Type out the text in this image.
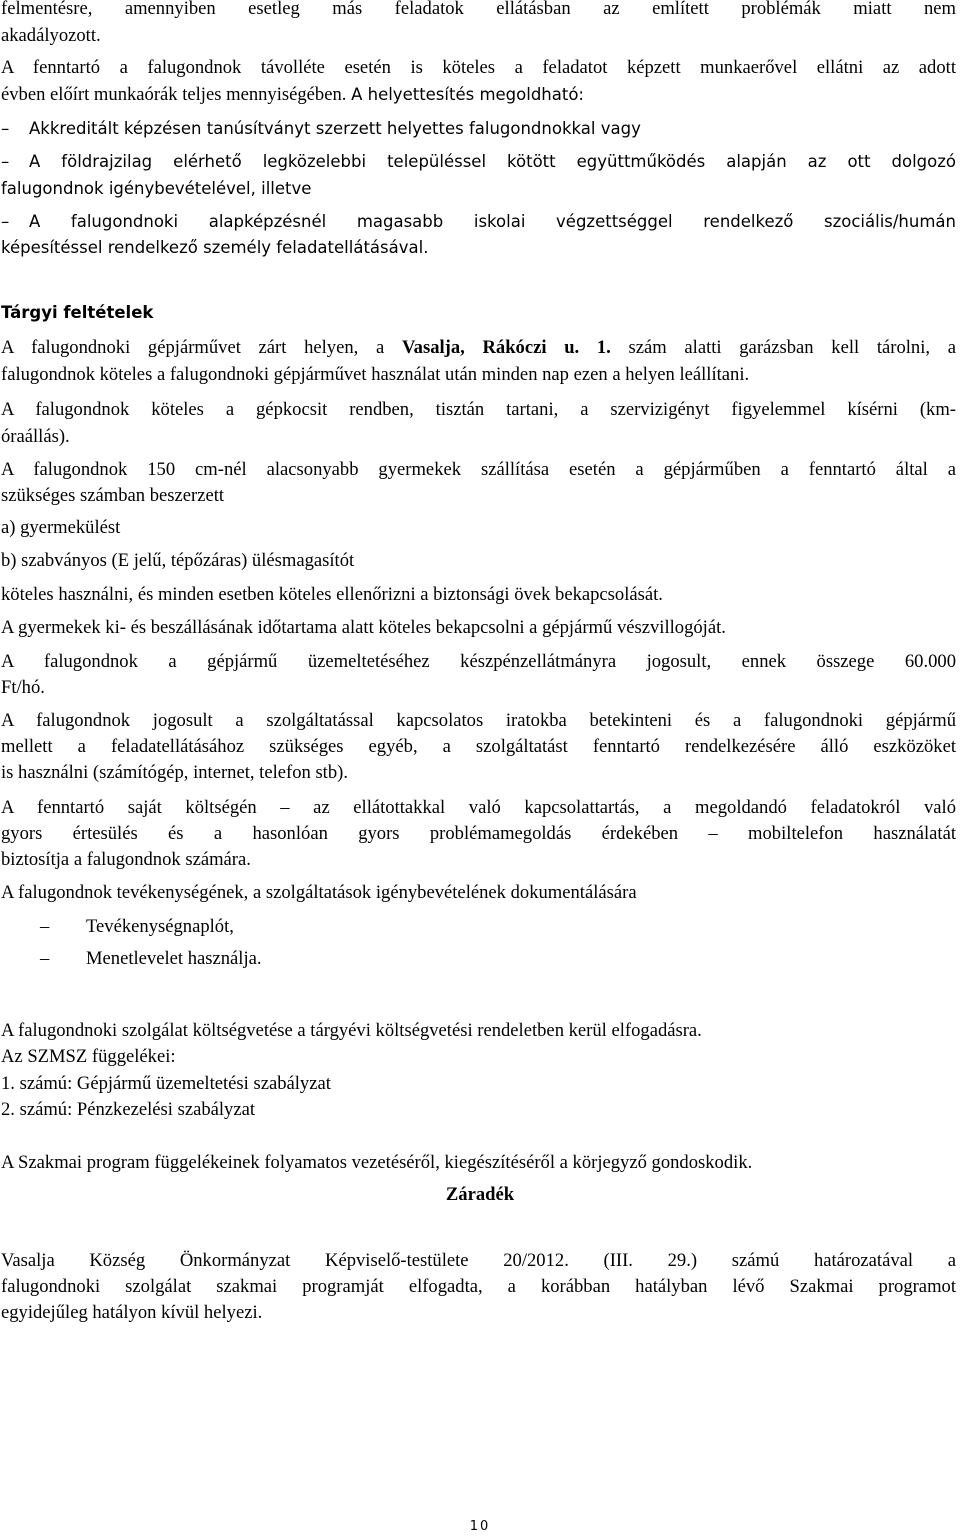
felmentésre, amennyiben esetleg más feladatok ellátásban az említett problémák miatt nem
akadályozott.
A fenntartó a falugondnok távolléte esetén is köteles a feladatot képzett munkaerővel ellátni az adott
évben előírt munkaórák teljes mennyiségében. A helyettesítés megoldható:
– Akkreditált képzésen tanúsítványt szerzett helyettes falugondnokkal vagy
– A földrajzilag elérhető legközelebbi településsel kötött együttműködés alapján az ott dolgozó
falugondnok igénybevételével, illetve
– A falugondnoki alapképzésnél magasabb iskolai végzettséggel rendelkező szociális/humán
képesítéssel rendelkező személy feladatellátásával.
Tárgyi feltételek
A falugondnoki gépjárművet zárt helyen, a Vasalja, Rákóczi u. 1. szám alatti garázsban kell tárolni, a
falugondnok köteles a falugondnoki gépjárművet használat után minden nap ezen a helyen leállítani.
A falugondnok köteles a gépkocsit rendben, tisztán tartani, a szervizigényt figyelemmel kísérni (km-
óraállás).
A falugondnok 150 cm-nél alacsonyabb gyermekek szállítása esetén a gépjárműben a fenntartó által a
szükséges számban beszerzett
a) gyermekülést
b) szabványos (E jelű, tépőzáras) ülésmagasítót
köteles használni, és minden esetben köteles ellenőrizni a biztonsági övek bekapcsolását.
A gyermekek ki- és beszállásának időtartama alatt köteles bekapcsolni a gépjármű vészvillogóját.
A falugondnok a gépjármű üzemeltetéséhez készpénzellátmányra jogosult, ennek összege 60.000
Ft/hó.
A falugondnok jogosult a szolgáltatással kapcsolatos iratokba betekinteni és a falugondnoki gépjármű
mellett a feladatellátásához szükséges egyéb, a szolgáltatást fenntartó rendelkezésére álló eszközöket
is használni (számítógép, internet, telefon stb).
A fenntartó saját költségén – az ellátottakkal való kapcsolattartás, a megoldandó feladatokról való
gyors értesülés és a hasonlóan gyors problémamegoldás érdekében – mobiltelefon használatát
biztosítja a falugondnok számára.
A falugondnok tevékenységének, a szolgáltatások igénybevételének dokumentálására
– Tevékenységnaplót,
– Menetlevelet használja.
A falugondnoki szolgálat költségvetése a tárgyévi költségvetési rendeletben kerül elfogadásra.
Az SZMSZ függelékei:
1. számú: Gépjármű üzemeltetési szabályzat
2. számú: Pénzkezelési szabályzat
A Szakmai program függelékeinek folyamatos vezetéséről, kiegészítéséről a körjegyző gondoskodik.
Záradék
Vasalja Község Önkormányzat Képviselő-testülete 20/2012. (III. 29.) számú határozatával a
falugondnoki szolgálat szakmai programját elfogadta, a korábban hatályban lévő Szakmai programot
egyidejűleg hatályon kívül helyezi.
10
